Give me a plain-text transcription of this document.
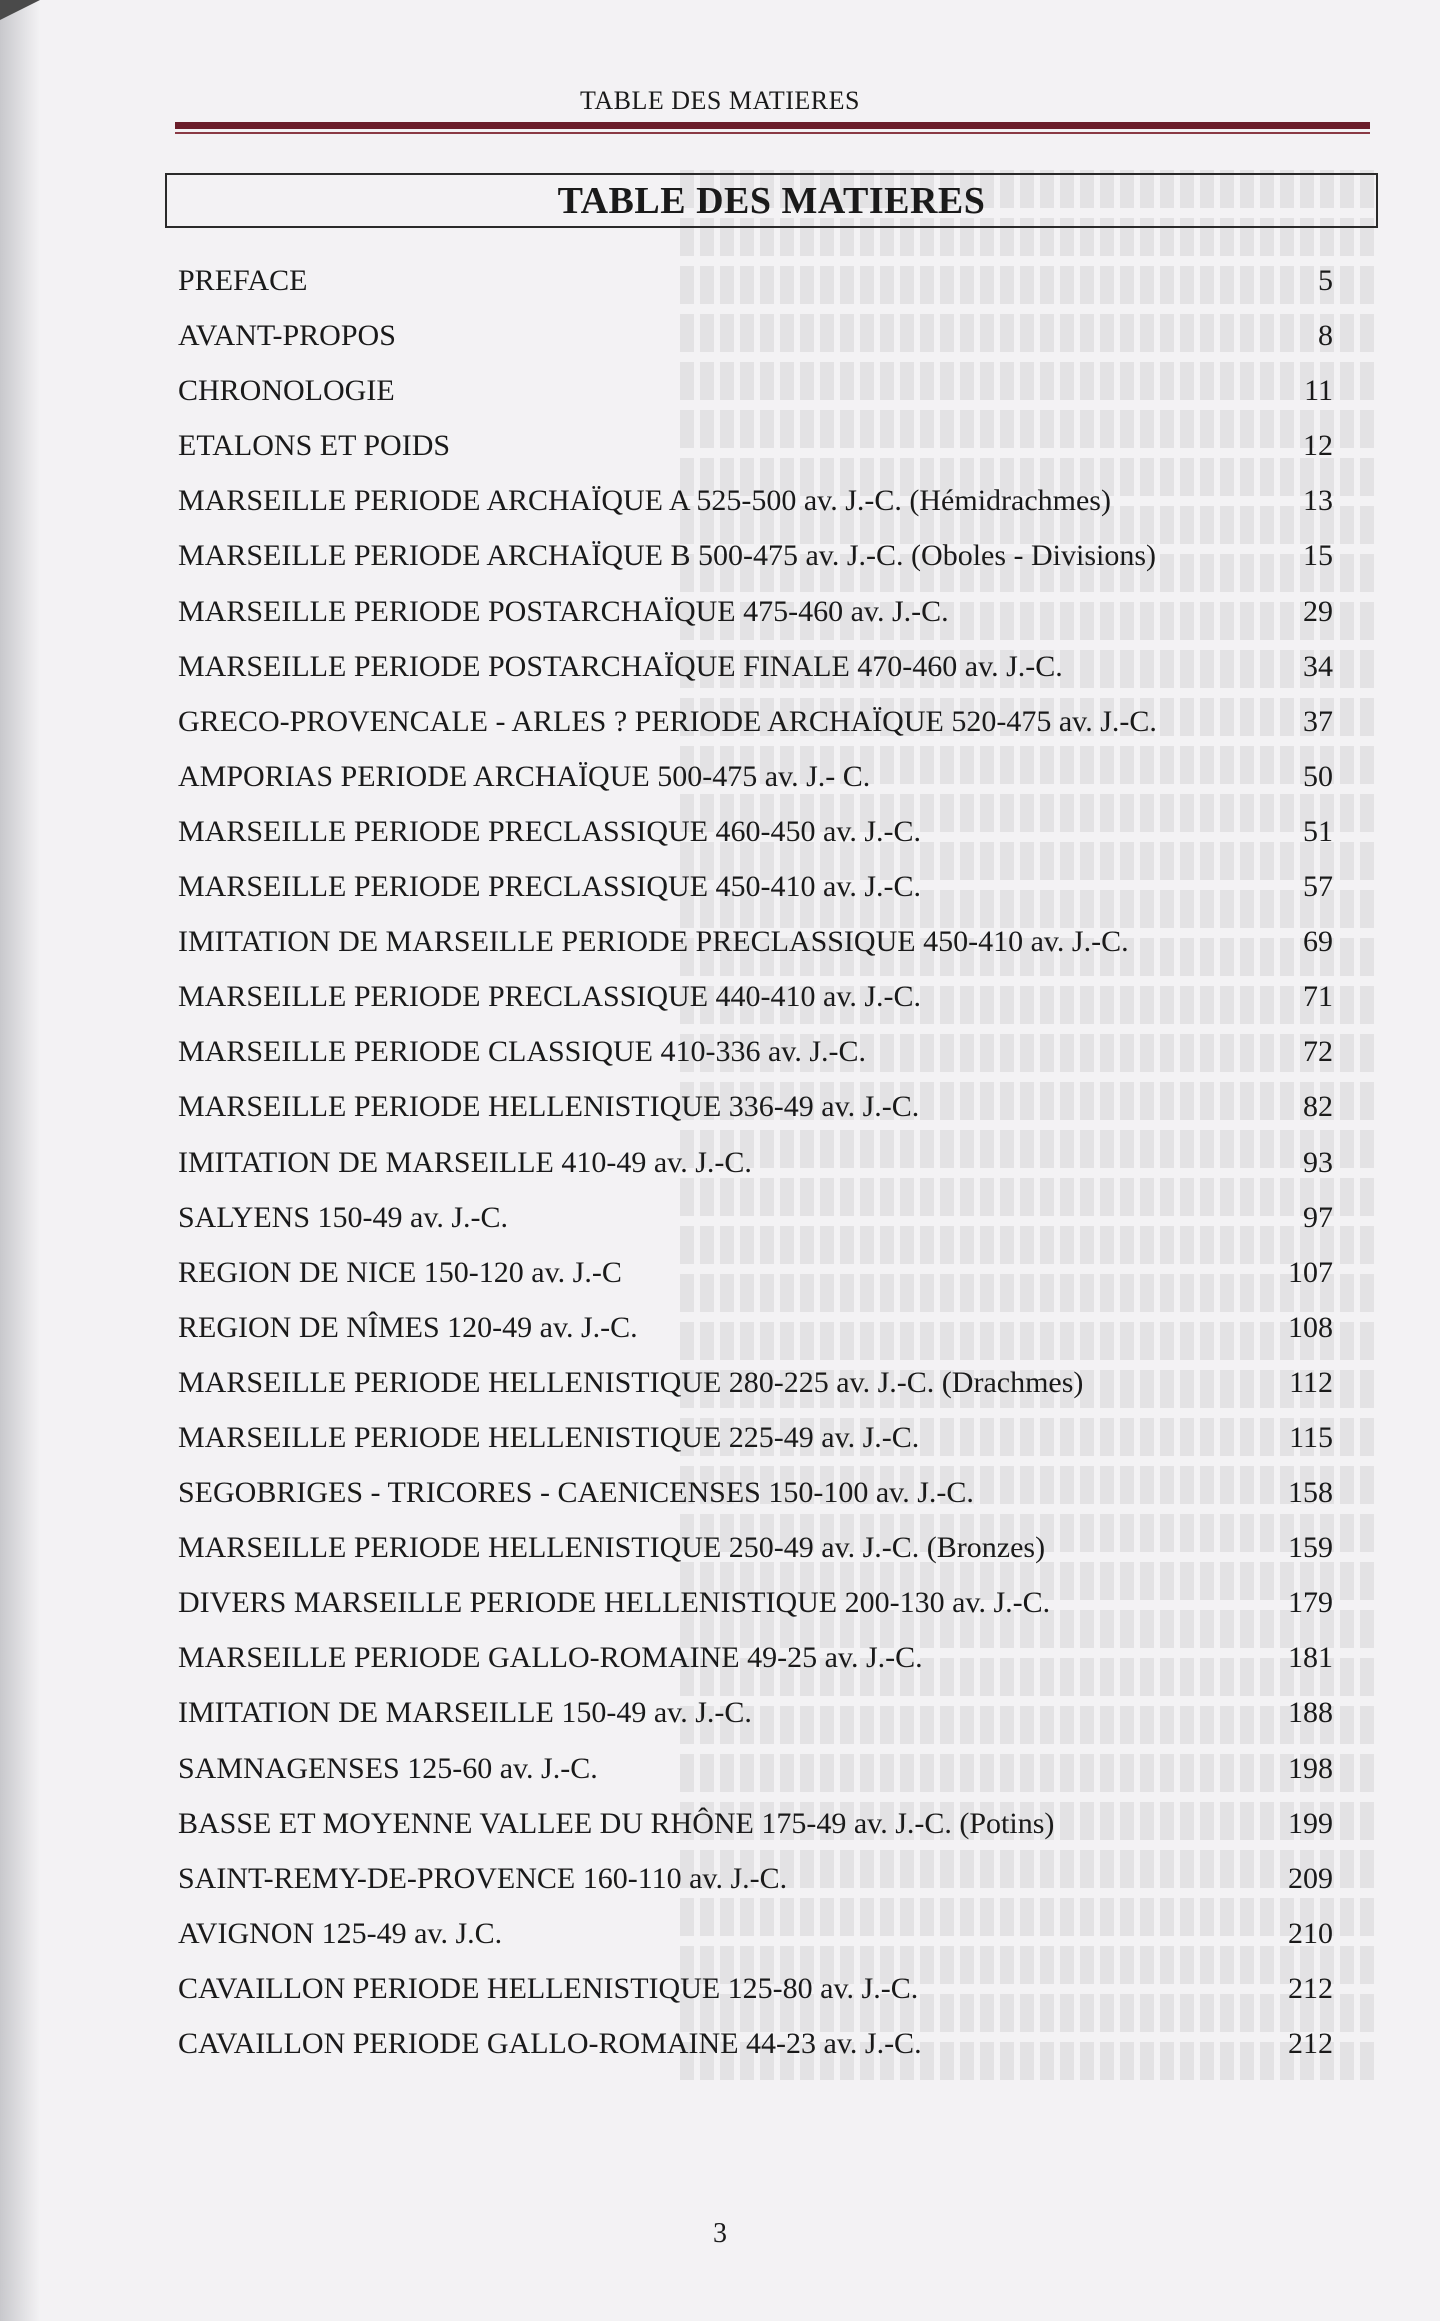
TABLE DES MATIERES
TABLE DES MATIERES
PREFACE	5
AVANT-PROPOS	8
CHRONOLOGIE	11
ETALONS ET POIDS	12
MARSEILLE PERIODE ARCHAÏQUE A 525-500 av. J.-C. (Hémidrachmes)	13
MARSEILLE PERIODE ARCHAÏQUE B 500-475 av. J.-C. (Oboles - Divisions)	15
MARSEILLE PERIODE POSTARCHAÏQUE 475-460 av. J.-C.	29
MARSEILLE PERIODE POSTARCHAÏQUE FINALE 470-460 av. J.-C.	34
GRECO-PROVENCALE - ARLES ? PERIODE ARCHAÏQUE 520-475 av. J.-C.	37
AMPORIAS PERIODE ARCHAÏQUE 500-475 av. J.- C.	50
MARSEILLE PERIODE PRECLASSIQUE 460-450 av. J.-C.	51
MARSEILLE PERIODE PRECLASSIQUE 450-410 av. J.-C.	57
IMITATION DE MARSEILLE PERIODE PRECLASSIQUE 450-410 av. J.-C.	69
MARSEILLE PERIODE PRECLASSIQUE 440-410 av. J.-C.	71
MARSEILLE PERIODE CLASSIQUE 410-336 av. J.-C.	72
MARSEILLE PERIODE HELLENISTIQUE 336-49 av. J.-C.	82
IMITATION DE MARSEILLE 410-49 av. J.-C.	93
SALYENS 150-49 av. J.-C.	97
REGION DE NICE 150-120 av. J.-C	107
REGION DE NÎMES 120-49 av. J.-C.	108
MARSEILLE PERIODE HELLENISTIQUE 280-225 av. J.-C. (Drachmes)	112
MARSEILLE PERIODE HELLENISTIQUE 225-49 av. J.-C.	115
SEGOBRIGES - TRICORES - CAENICENSES 150-100 av. J.-C.	158
MARSEILLE PERIODE HELLENISTIQUE 250-49 av. J.-C. (Bronzes)	159
DIVERS MARSEILLE PERIODE HELLENISTIQUE 200-130 av. J.-C.	179
MARSEILLE PERIODE GALLO-ROMAINE 49-25 av. J.-C.	181
IMITATION DE MARSEILLE 150-49 av. J.-C.	188
SAMNAGENSES 125-60 av. J.-C.	198
BASSE ET MOYENNE VALLEE DU RHÔNE 175-49 av. J.-C. (Potins)	199
SAINT-REMY-DE-PROVENCE 160-110 av. J.-C.	209
AVIGNON 125-49 av. J.C.	210
CAVAILLON PERIODE HELLENISTIQUE 125-80 av. J.-C.	212
CAVAILLON PERIODE GALLO-ROMAINE 44-23 av. J.-C.	212
3
